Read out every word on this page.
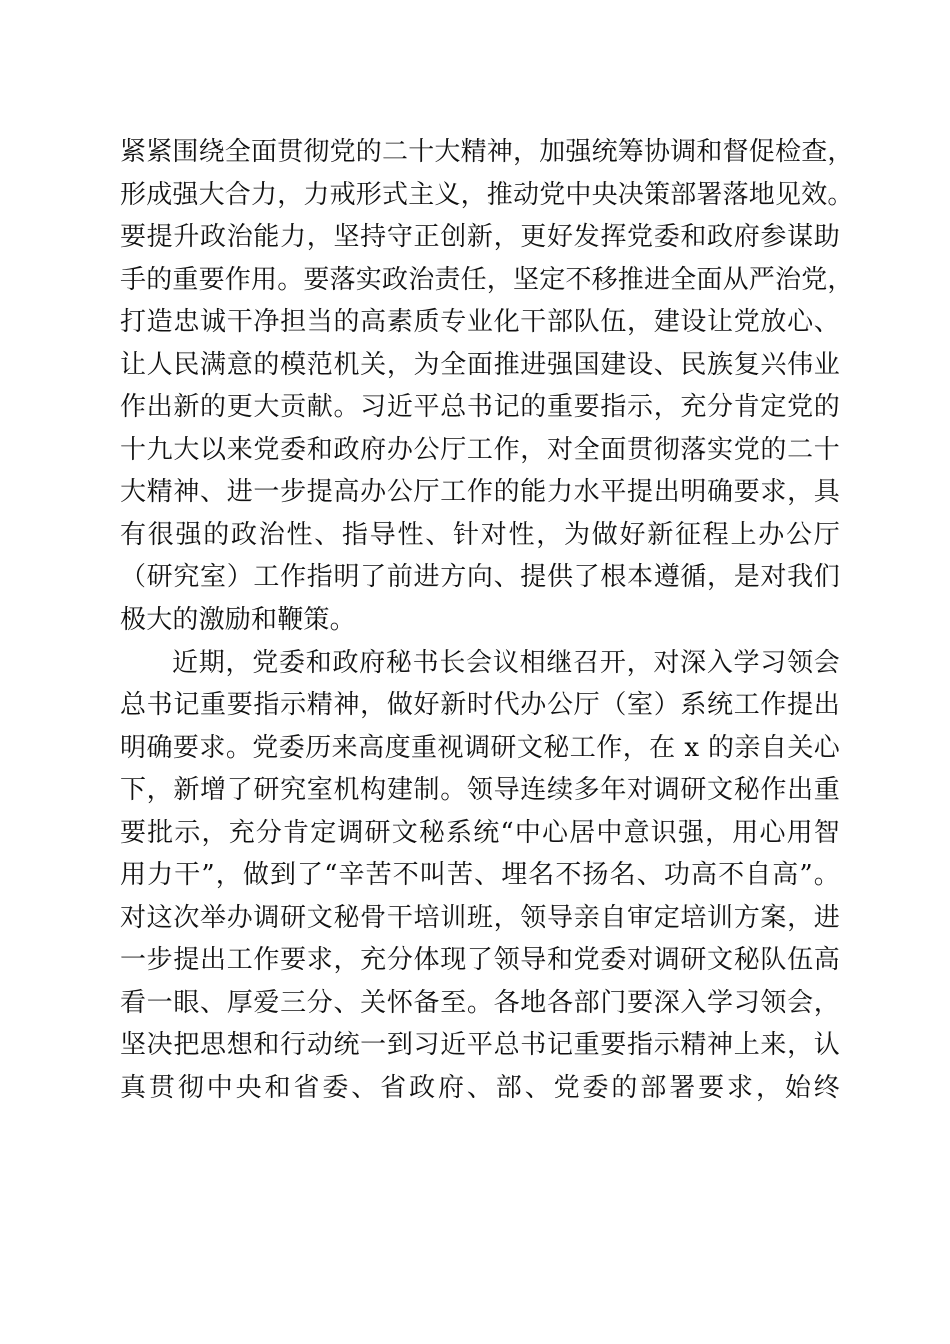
紧紧围绕全面贯彻党的二十大精神，加强统筹协调和督促检查，
形成强大合力，力戒形式主义，推动党中央决策部署落地见效。
要提升政治能力，坚持守正创新，更好发挥党委和政府参谋助
手的重要作用。要落实政治责任，坚定不移推进全面从严治党，
打造忠诚干净担当的高素质专业化干部队伍，建设让党放心、
让人民满意的模范机关，为全面推进强国建设、民族复兴伟业
作出新的更大贡献。习近平总书记的重要指示，充分肯定党的
十九大以来党委和政府办公厅工作，对全面贯彻落实党的二十
大精神、进一步提高办公厅工作的能力水平提出明确要求，具
有很强的政治性、指导性、针对性，为做好新征程上办公厅
（研究室）工作指明了前进方向、提供了根本遵循，是对我们
极大的激励和鞭策。
近期，党委和政府秘书长会议相继召开，对深入学习领会
总书记重要指示精神，做好新时代办公厅（室）系统工作提出
明确要求。党委历来高度重视调研文秘工作，在 x 的亲自关心
下，新增了研究室机构建制。领导连续多年对调研文秘作出重
要批示，充分肯定调研文秘系统“中心居中意识强，用心用智
用力干”，做到了“辛苦不叫苦、埋名不扬名、功高不自高”。
对这次举办调研文秘骨干培训班，领导亲自审定培训方案，进
一步提出工作要求，充分体现了领导和党委对调研文秘队伍高
看一眼、厚爱三分、关怀备至。各地各部门要深入学习领会，
坚决把思想和行动统一到习近平总书记重要指示精神上来，认
真贯彻中央和省委、省政府、部、党委的部署要求，始终
